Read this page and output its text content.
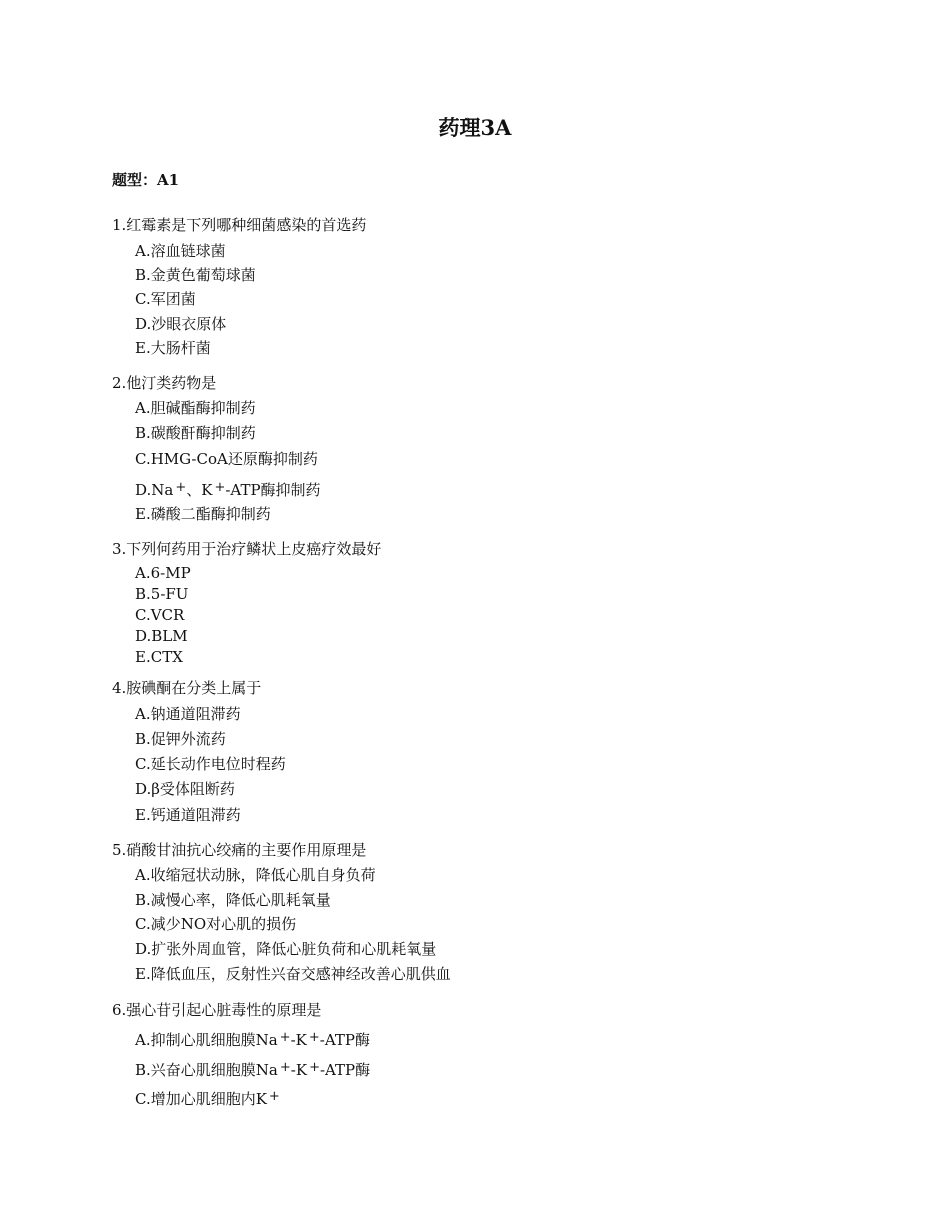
药理3A
题型：A1
1.红霉素是下列哪种细菌感染的首选药
A.溶血链球菌
B.金黄色葡萄球菌
C.军团菌
D.沙眼衣原体
E.大肠杆菌
2.他汀类药物是
A.胆碱酯酶抑制药
B.碳酸酐酶抑制药
C.HMG-CoA还原酶抑制药
D.Na +、K +-ATP酶抑制药
E.磷酸二酯酶抑制药
3.下列何药用于治疗鳞状上皮癌疗效最好
A.6-MP
B.5-FU
C.VCR
D.BLM
E.CTX
4.胺碘酮在分类上属于
A.钠通道阻滞药
B.促钾外流药
C.延长动作电位时程药
D.β受体阻断药
E.钙通道阻滞药
5.硝酸甘油抗心绞痛的主要作用原理是
A.收缩冠状动脉，降低心肌自身负荷
B.减慢心率，降低心肌耗氧量
C.减少NO对心肌的损伤
D.扩张外周血管，降低心脏负荷和心肌耗氧量
E.降低血压，反射性兴奋交感神经改善心肌供血
6.强心苷引起心脏毒性的原理是
A.抑制心肌细胞膜Na +-K +-ATP酶
B.兴奋心肌细胞膜Na +-K +-ATP酶
C.增加心肌细胞内K +
